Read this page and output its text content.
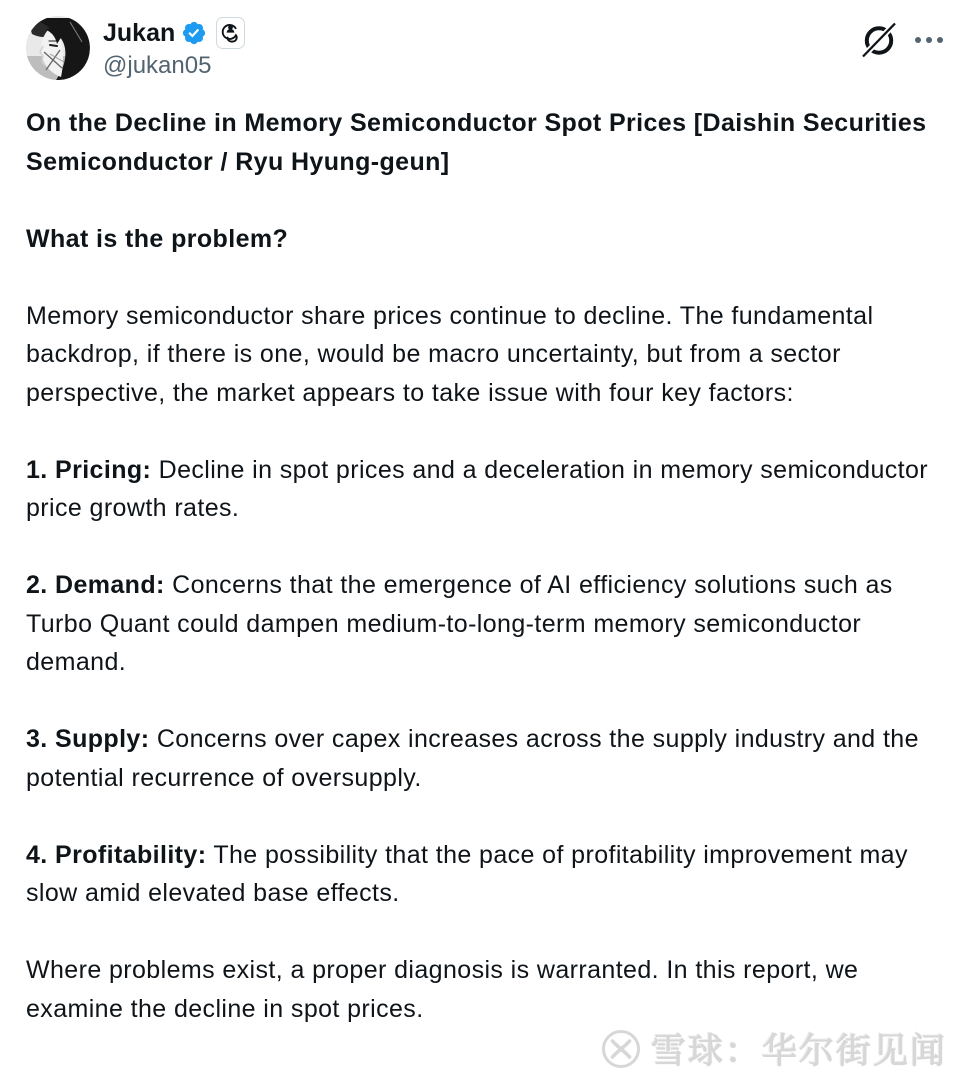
Jukan
@jukan05

On the Decline in Memory Semiconductor Spot Prices [Daishin Securities Semiconductor / Ryu Hyung-geun]

What is the problem?

Memory semiconductor share prices continue to decline. The fundamental backdrop, if there is one, would be macro uncertainty, but from a sector perspective, the market appears to take issue with four key factors:

1. Pricing: Decline in spot prices and a deceleration in memory semiconductor price growth rates.

2. Demand: Concerns that the emergence of AI efficiency solutions such as Turbo Quant could dampen medium-to-long-term memory semiconductor demand.

3. Supply: Concerns over capex increases across the supply industry and the potential recurrence of oversupply.

4. Profitability: The possibility that the pace of profitability improvement may slow amid elevated base effects.

Where problems exist, a proper diagnosis is warranted. In this report, we examine the decline in spot prices.

雪球：华尔街见闻
